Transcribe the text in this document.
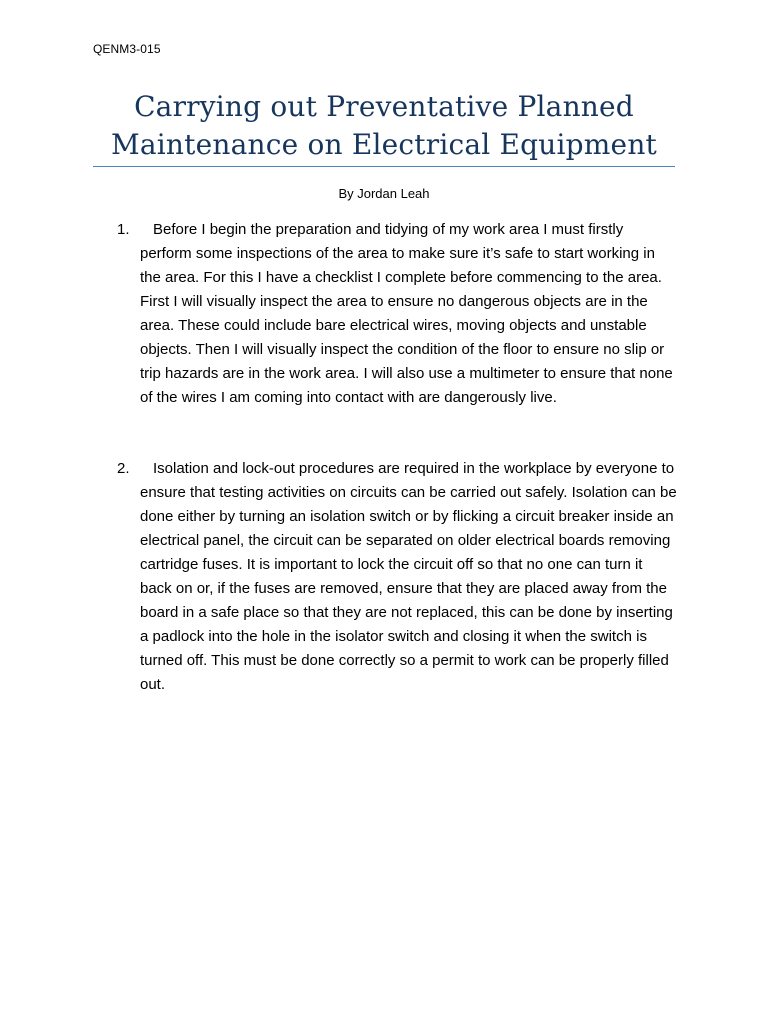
QENM3-015
Carrying out Preventative Planned Maintenance on Electrical Equipment
By Jordan Leah
1.	Before I begin the preparation and tidying of my work area I must firstly perform some inspections of the area to make sure it’s safe to start working in the area. For this I have a checklist I complete before commencing to the area. First I will visually inspect the area to ensure no dangerous objects are in the area. These could include bare electrical wires, moving objects and unstable objects. Then I will visually inspect the condition of the floor to ensure no slip or trip hazards are in the work area. I will also use a multimeter to ensure that none of the wires I am coming into contact with are dangerously live.
2.	Isolation and lock-out procedures are required in the workplace by everyone to ensure that testing activities on circuits can be carried out safely. Isolation can be done either by turning an isolation switch or by flicking a circuit breaker inside an electrical panel, the circuit can be separated on older electrical boards removing cartridge fuses. It is important to lock the circuit off so that no one can turn it back on or, if the fuses are removed, ensure that they are placed away from the board in a safe place so that they are not replaced, this can be done by inserting a padlock into the hole in the isolator switch and closing it when the switch is turned off. This must be done correctly so a permit to work can be properly filled out.
